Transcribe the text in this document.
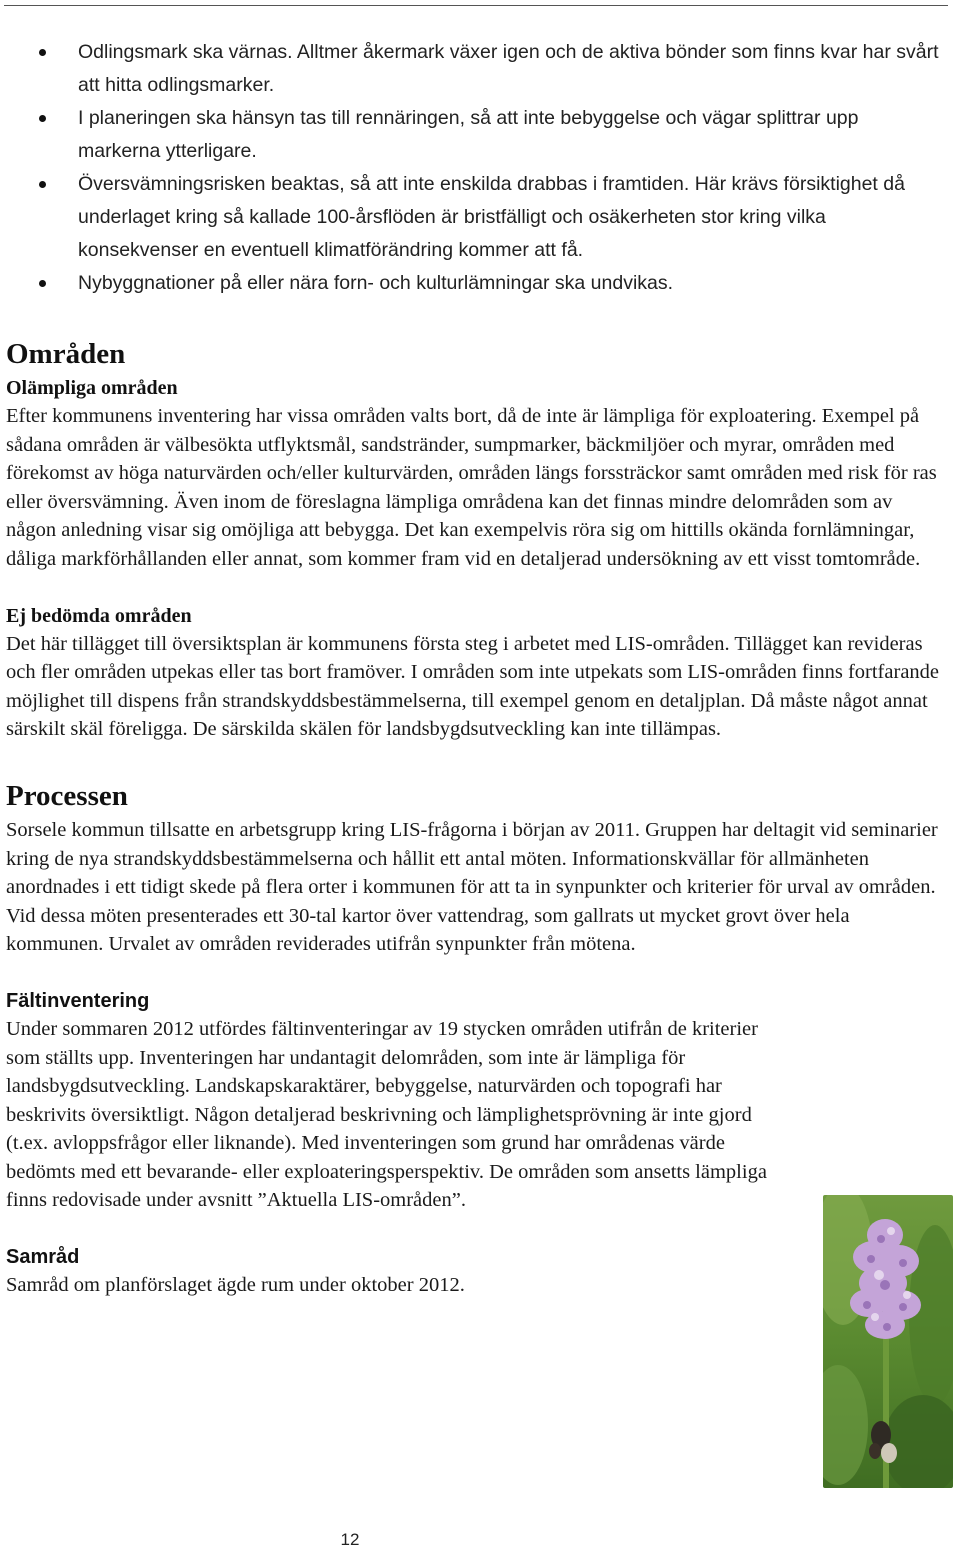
Odlingsmark ska värnas. Alltmer åkermark växer igen och de aktiva bönder som finns kvar har svårt att hitta odlingsmarker.
I planeringen ska hänsyn tas till rennäringen, så att inte bebyggelse och vägar splittrar upp markerna ytterligare.
Översvämningsrisken beaktas, så att inte enskilda drabbas i framtiden. Här krävs försiktighet då underlaget kring så kallade 100-årsflöden är bristfälligt och osäkerheten stor kring vilka konsekvenser en eventuell klimatförändring kommer att få.
Nybyggnationer på eller nära forn- och kulturlämningar ska undvikas.
Områden
Olämpliga områden

Efter kommunens inventering har vissa områden valts bort, då de inte är lämpliga för exploatering. Exempel på sådana områden är välbesökta utflyktsmål, sandstränder, sumpmarker, bäckmiljöer och myrar, områden med förekomst av höga naturvärden och/eller kulturvärden, områden längs forssträckor samt områden med risk för ras eller översvämning. Även inom de föreslagna lämpliga områdena kan det finnas mindre delområden som av någon anledning visar sig omöjliga att bebygga. Det kan exempelvis röra sig om hittills okända fornlämningar, dåliga markförhållanden eller annat, som kommer fram vid en detaljerad undersökning av ett visst tomtområde.

Ej bedömda områden

Det här tillägget till översiktsplan är kommunens första steg i arbetet med LIS-områden. Tillägget kan revideras och fler områden utpekas eller tas bort framöver. I områden som inte utpekats som LIS-områden finns fortfarande möjlighet till dispens från strandskyddsbestämmelserna, till exempel genom en detaljplan. Då måste något annat särskilt skäl föreligga. De särskilda skälen för landsbygdsutveckling kan inte tillämpas.

Processen

Sorsele kommun tillsatte en arbetsgrupp kring LIS-frågorna i början av 2011. Gruppen har deltagit vid seminarier kring de nya strandskyddsbestämmelserna och hållit ett antal möten. Informationskvällar för allmänheten anordnades i ett tidigt skede på flera orter i kommunen för att ta in synpunkter och kriterier för urval av områden. Vid dessa möten presenterades ett 30-tal kartor över vattendrag, som gallrats ut mycket grovt över hela kommunen. Urvalet av områden reviderades utifrån synpunkter från mötena.

Fältinventering

Under sommaren 2012 utfördes fältinventeringar av 19 stycken områden utifrån de kriterier

som ställts upp. Inventeringen har undantagit delområden, som inte är lämpliga för landsbygdsutveckling. Landskapskaraktärer, bebyggelse, naturvärden och topografi har beskrivits översiktligt. Någon detaljerad beskrivning och lämplighetsprövning är inte gjord (t.ex. avloppsfrågor eller liknande). Med inventeringen som grund har områdenas värde bedömts med ett bevarande- eller exploateringsperspektiv. De områden som ansetts lämpliga finns redovisade under avsnitt ”Aktuella LIS-områden”.

Samråd

Samråd om planförslaget ägde rum under oktober 2012.

12
